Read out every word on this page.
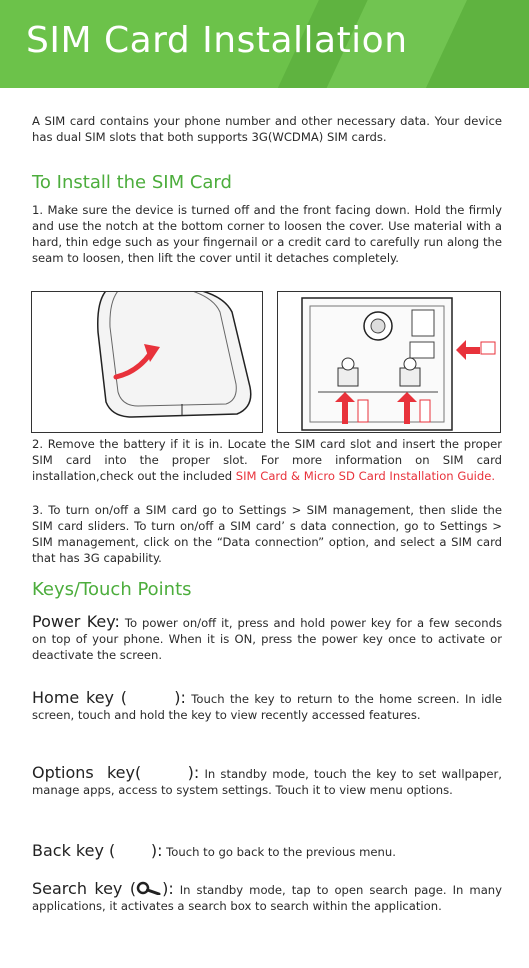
SIM Card Installation

A SIM card contains your phone number and other necessary data. Your device has dual SIM slots that both supports 3G(WCDMA) SIM cards.

To Install the SIM Card

1. Make sure the device is turned off and the front facing down. Hold the firmly and use the notch at the bottom corner to loosen the cover. Use material with a hard, thin edge such as your fingernail or a credit card to carefully run along the seam to loosen, then lift the cover until it detaches completely.

2. Remove the battery if it is in. Locate the SIM card slot and insert the proper SIM card into the proper slot. For more information on SIM card installation,check out the included SIM Card & Micro SD Card Installation Guide.

3. To turn on/off a SIM card go to Settings > SIM management, then slide the SIM card sliders. To turn on/off a SIM card’ s data connection, go to Settings > SIM management, click on the “Data connection” option, and select a SIM card that has 3G capability.

Keys/Touch Points

Power Key: To power on/off it, press and hold power key for a few seconds on top of your phone. When it is ON, press the power key once to activate or deactivate the screen.

Home key (       ): Touch the key to return to the home screen. In idle screen, touch and hold the key to view recently accessed features.

Options  key(       ): In standby mode, touch the key to set wallpaper, manage apps, access to system settings. Touch it to view menu options.

Back key (       ): Touch to go back to the previous menu.

Search key ( ): In standby mode, tap to open search page. In many applications, it activates a search box to search within the application.
